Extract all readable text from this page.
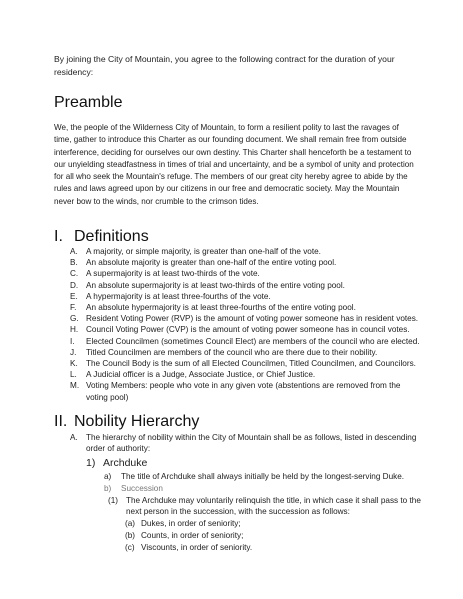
By joining the City of Mountain, you agree to the following contract for the duration of your residency:
Preamble
We, the people of the Wilderness City of Mountain, to form a resilient polity to last the ravages of time, gather to introduce this Charter as our founding document. We shall remain free from outside interference, deciding for ourselves our own destiny. This Charter shall henceforth be a testament to our unyielding steadfastness in times of trial and uncertainty, and be a symbol of unity and protection for all who seek the Mountain's refuge. The members of our great city hereby agree to abide by the rules and laws agreed upon by our citizens in our free and democratic society. May the Mountain never bow to the winds, nor crumble to the crimson tides.
I. Definitions
A. A majority, or simple majority, is greater than one-half of the vote.
B. An absolute majority is greater than one-half of the entire voting pool.
C. A supermajority is at least two-thirds of the vote.
D. An absolute supermajority is at least two-thirds of the entire voting pool.
E. A hypermajority is at least three-fourths of the vote.
F. An absolute hypermajority is at least three-fourths of the entire voting pool.
G. Resident Voting Power (RVP) is the amount of voting power someone has in resident votes.
H. Council Voting Power (CVP) is the amount of voting power someone has in council votes.
I. Elected Councilmen (sometimes Council Elect) are members of the council who are elected.
J. Titled Councilmen are members of the council who are there due to their nobility.
K. The Council Body is the sum of all Elected Councilmen, Titled Councilmen, and Councilors.
L. A Judicial officer is a Judge, Associate Justice, or Chief Justice.
M. Voting Members: people who vote in any given vote (abstentions are removed from the voting pool)
II. Nobility Hierarchy
A.	The hierarchy of nobility within the City of Mountain shall be as follows, listed in descending order of authority:
1) Archduke
a)	The title of Archduke shall always initially be held by the longest-serving Duke.
b)	Succession
(1) The Archduke may voluntarily relinquish the title, in which case it shall pass to the next person in the succession, with the succession as follows:
(a) Dukes, in order of seniority;
(b) Counts, in order of seniority;
(c) Viscounts, in order of seniority.
